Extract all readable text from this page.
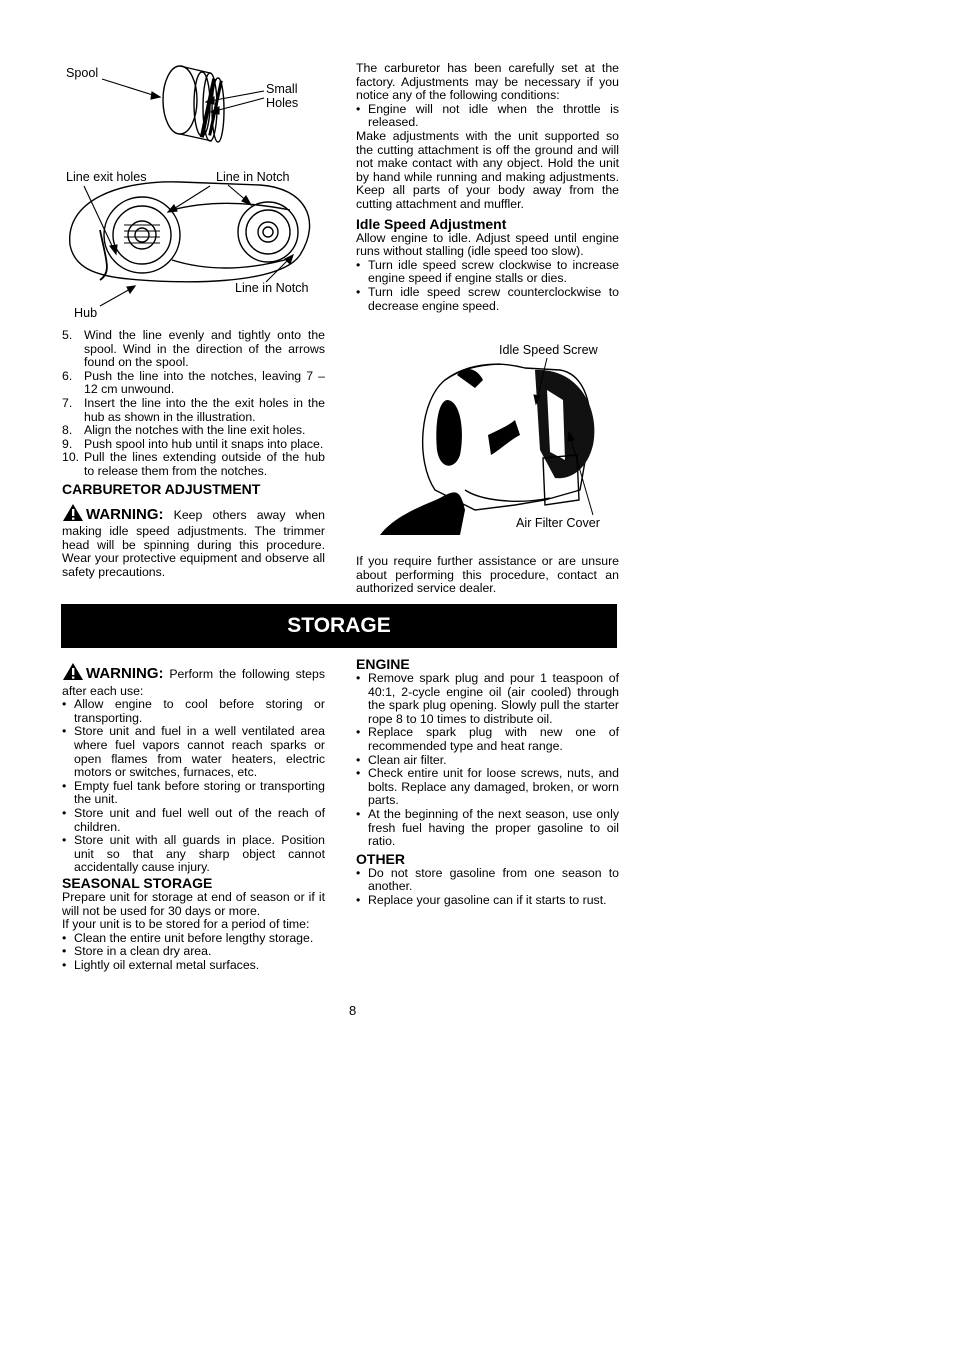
Spool
Small Holes
Line exit holes	Line in Notch
Line in Notch
Hub
5. Wind the line evenly and tightly onto the spool. Wind in the direction of the arrows found on the spool.
6. Push the line into the notches, leaving 7 – 12 cm unwound.
7. Insert the line into the the exit holes in the hub as shown in the illustration.
8. Align the notches with the line exit holes.
9. Push spool into hub until it snaps into place.
10. Pull the lines extending outside of the hub to release them from the notches.

CARBURETOR ADJUSTMENT

WARNING: Keep others away when making idle speed adjustments. The trimmer head will be spinning during this procedure. Wear your protective equipment and observe all safety precautions.

The carburetor has been carefully set at the factory. Adjustments may be necessary if you notice any of the following conditions:

• Engine will not idle when the throttle is released.

Make adjustments with the unit supported so the cutting attachment is off the ground and will not make contact with any object. Hold the unit by hand while running and making adjustments. Keep all parts of your body away from the cutting attachment and muffler.

Idle Speed Adjustment

Allow engine to idle. Adjust speed until engine runs without stalling (idle speed too slow).

• Turn idle speed screw clockwise to increase engine speed if engine stalls or dies.
• Turn idle speed screw counterclockwise to decrease engine speed.
Idle Speed Screw
Air Filter Cover

If you require further assistance or are unsure about performing this procedure, contact an authorized service dealer.

STORAGE

WARNING: Perform the following steps after each use:

• Allow engine to cool before storing or transporting.
• Store unit and fuel in a well ventilated area where fuel vapors cannot reach sparks or open flames from water heaters, electric motors or switches, furnaces, etc.
• Empty fuel tank before storing or transporting the unit.
• Store unit and fuel well out of the reach of children.
• Store unit with all guards in place. Position unit so that any sharp object cannot accidentally cause injury.

SEASONAL STORAGE

Prepare unit for storage at end of season or if it will not be used for 30 days or more.

If your unit is to be stored for a period of time:

• Clean the entire unit before lengthy storage.
• Store in a clean dry area.
• Lightly oil external metal surfaces.

ENGINE

• Remove spark plug and pour 1 teaspoon of 40:1, 2-cycle engine oil (air cooled) through the spark plug opening. Slowly pull the starter rope 8 to 10 times to distribute oil.
• Replace spark plug with new one of recommended type and heat range.
• Clean air filter.
• Check entire unit for loose screws, nuts, and bolts. Replace any damaged, broken, or worn parts.
• At the beginning of the next season, use only fresh fuel having the proper gasoline to oil ratio.

OTHER

• Do not store gasoline from one season to another.
• Replace your gasoline can if it starts to rust.
8
